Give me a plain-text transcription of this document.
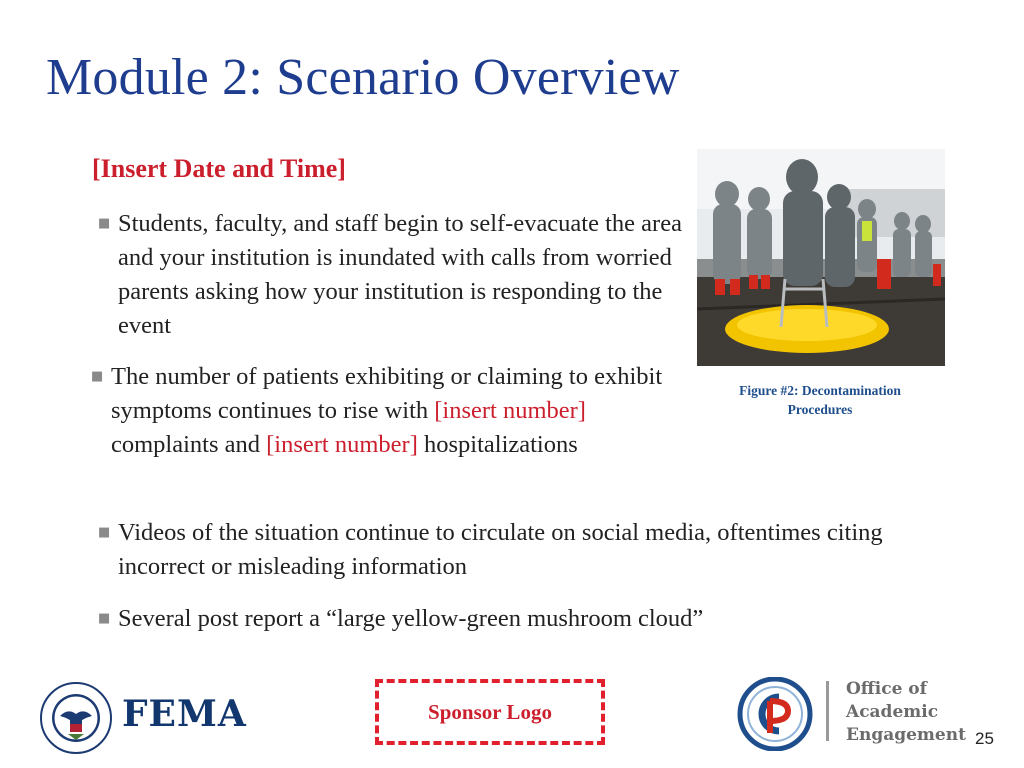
Module 2: Scenario Overview
[Insert Date and Time]
■ Students, faculty, and staff begin to self-evacuate the area and your institution is inundated with calls from worried parents asking how your institution is responding to the event
■ The number of patients exhibiting or claiming to exhibit symptoms continues to rise with [insert number] complaints and [insert number] hospitalizations
■ Videos of the situation continue to circulate on social media, oftentimes citing incorrect or misleading information
■ Several post report a “large yellow-green mushroom cloud”
Figure #2: Decontamination Procedures
FEMA	Sponsor Logo
Office of
Academic
Engagement 25
